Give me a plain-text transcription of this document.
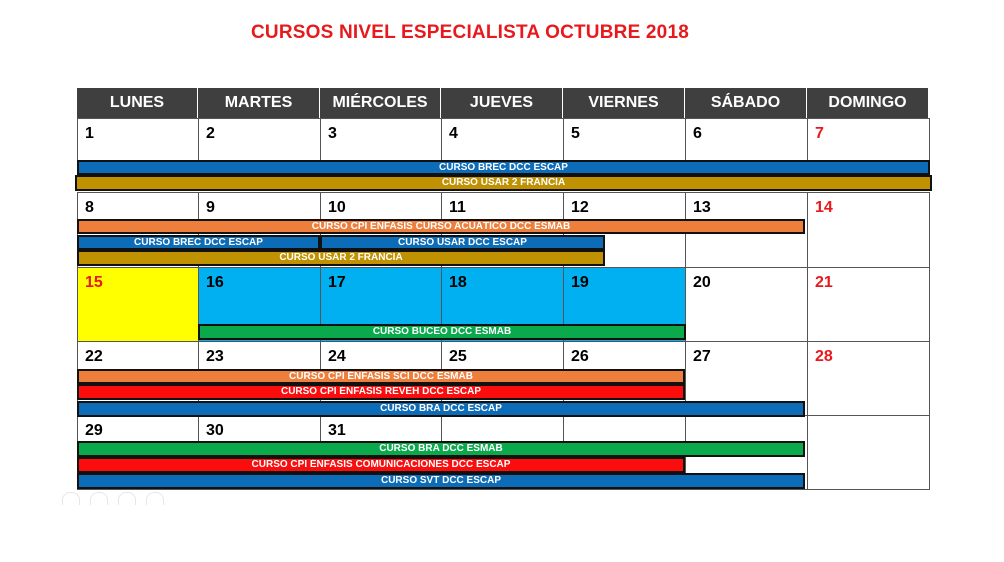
CURSOS NIVEL ESPECIALISTA OCTUBRE 2018
LUNES	MARTES	MIÉRCOLES	JUEVES	VIERNES	SÁBADO	DOMINGO
1	2	3	4	5	6	7
8	9	10	11	12	13	14
15	16	17	18	19	20	21
22	23	24	25	26	27	28
29	30	31
CURSO BREC DCC ESCAP
CURSO USAR 2 FRANCIA
CURSO CPI ÉNFASIS CURSO ACUÁTICO DCC ESMAB
CURSO BREC DCC ESCAP	CURSO USAR DCC ESCAP
CURSO USAR 2 FRANCIA
CURSO BUCEO DCC ESMAB
CURSO CPI ÉNFASIS SCI DCC ESMAB
CURSO CPI ÉNFASIS REVEH DCC ESCAP
CURSO BRA DCC ESCAP
CURSO BRA DCC ESMAB
CURSO CPI ÉNFASIS COMUNICACIONES DCC ESCAP
CURSO SVT DCC ESCAP
